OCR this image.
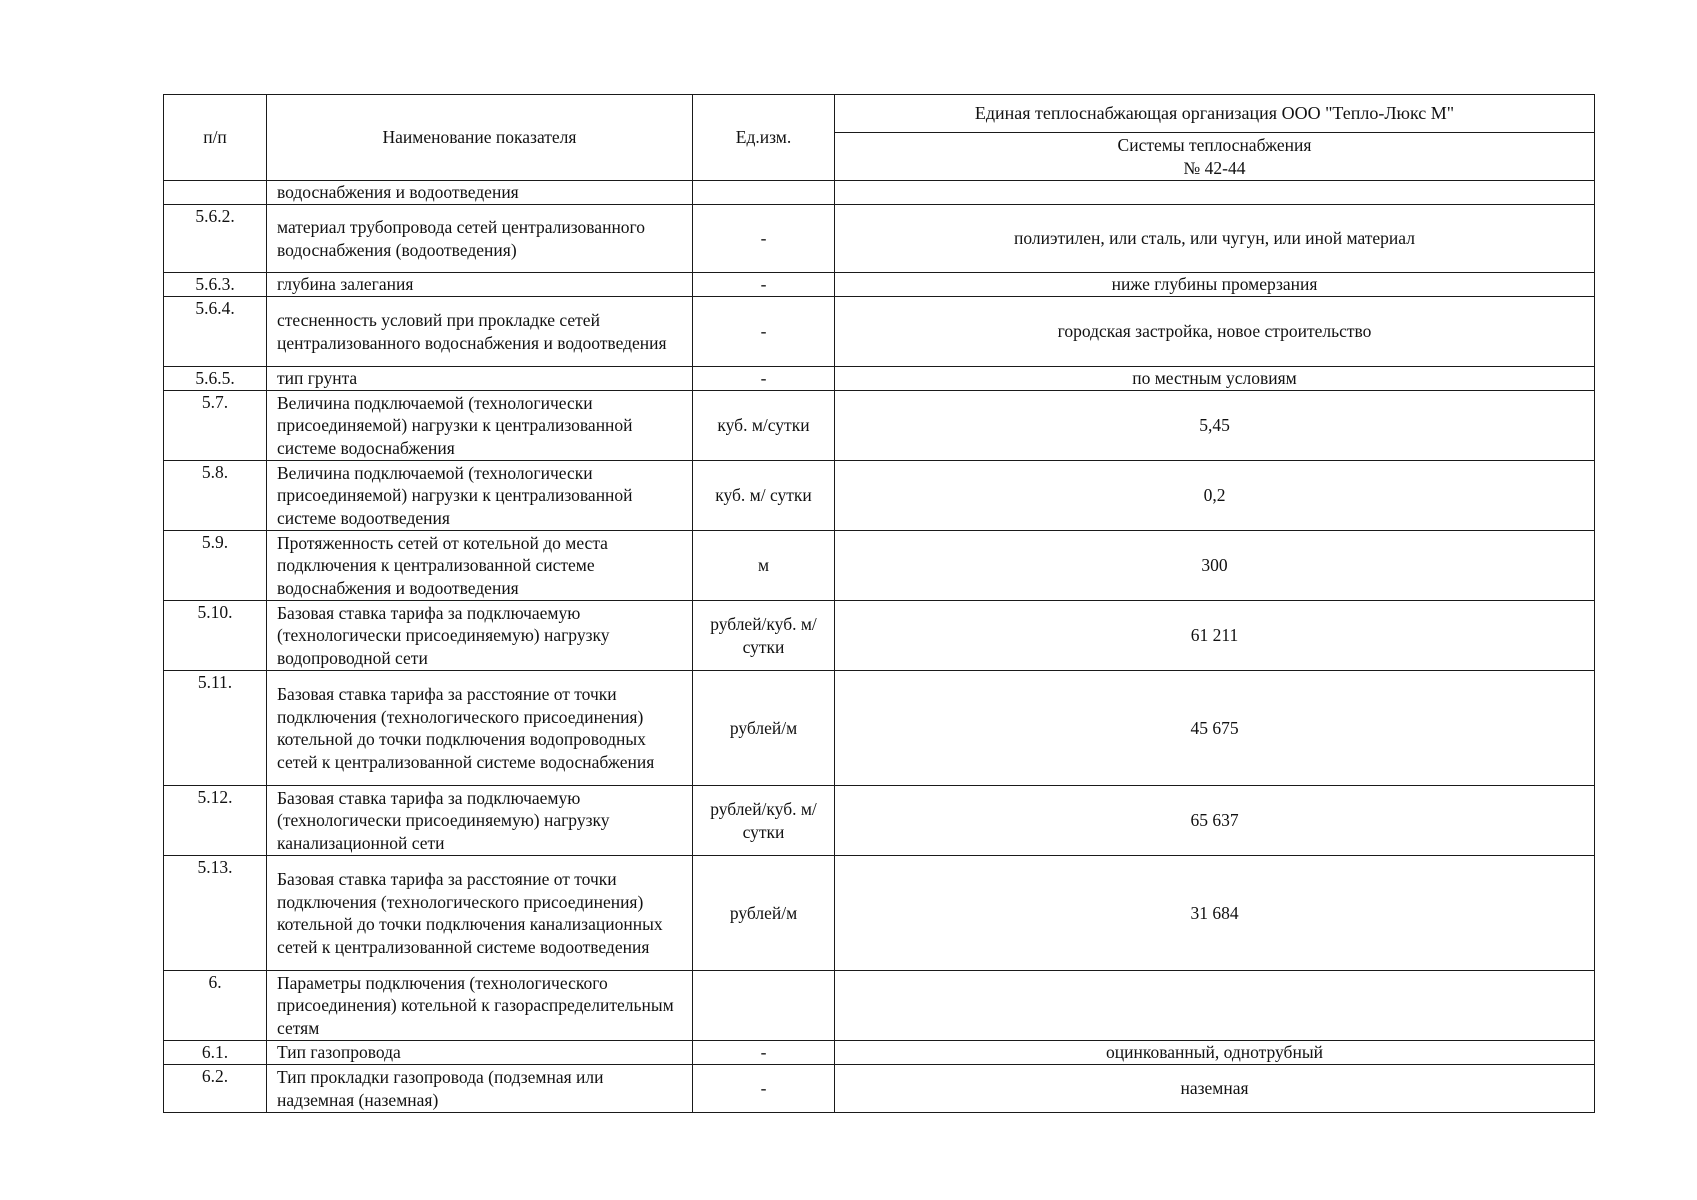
п/п	Наименование показателя	Ед.изм.	Единая теплоснабжающая организация ООО "Тепло-Люкс М"

			Системы теплоснабжения
№ 42-44

	водоснабжения и водоотведения		
5.6.2.	материал трубопровода сетей централизованного водоснабжения (водоотведения)	-	полиэтилен, или сталь, или чугун, или иной материал
5.6.3.	глубина залегания	-	ниже глубины промерзания
5.6.4.	стесненность условий при прокладке сетей централизованного водоснабжения и водоотведения	-	городская застройка, новое строительство
5.6.5.	тип грунта	-	по местным условиям
5.7.	Величина подключаемой (технологически присоединяемой) нагрузки к централизованной системе водоснабжения	куб. м/сутки	5,45
5.8.	Величина подключаемой (технологически присоединяемой) нагрузки к централизованной системе водоотведения	куб. м/ сутки	0,2
5.9.	Протяженность сетей от котельной до места подключения к централизованной системе водоснабжения и водоотведения	м	300
5.10.	Базовая ставка тарифа за подключаемую (технологически присоединяемую) нагрузку водопроводной сети	рублей/куб. м/сутки	61 211
5.11.	Базовая ставка тарифа за расстояние от точки подключения (технологического присоединения) котельной до точки подключения водопроводных сетей к централизованной системе водоснабжения	рублей/м	45 675
5.12.	Базовая ставка тарифа за подключаемую (технологически присоединяемую) нагрузку канализационной сети	рублей/куб. м/сутки	65 637
5.13.	Базовая ставка тарифа за расстояние от точки подключения (технологического присоединения) котельной до точки подключения канализационных сетей к централизованной системе водоотведения	рублей/м	31 684
6.	Параметры подключения (технологического присоединения) котельной к газораспределительным сетям		
6.1.	Тип газопровода	-	оцинкованный, однотрубный
6.2.	Тип прокладки газопровода (подземная или надземная (наземная)	-	наземная
